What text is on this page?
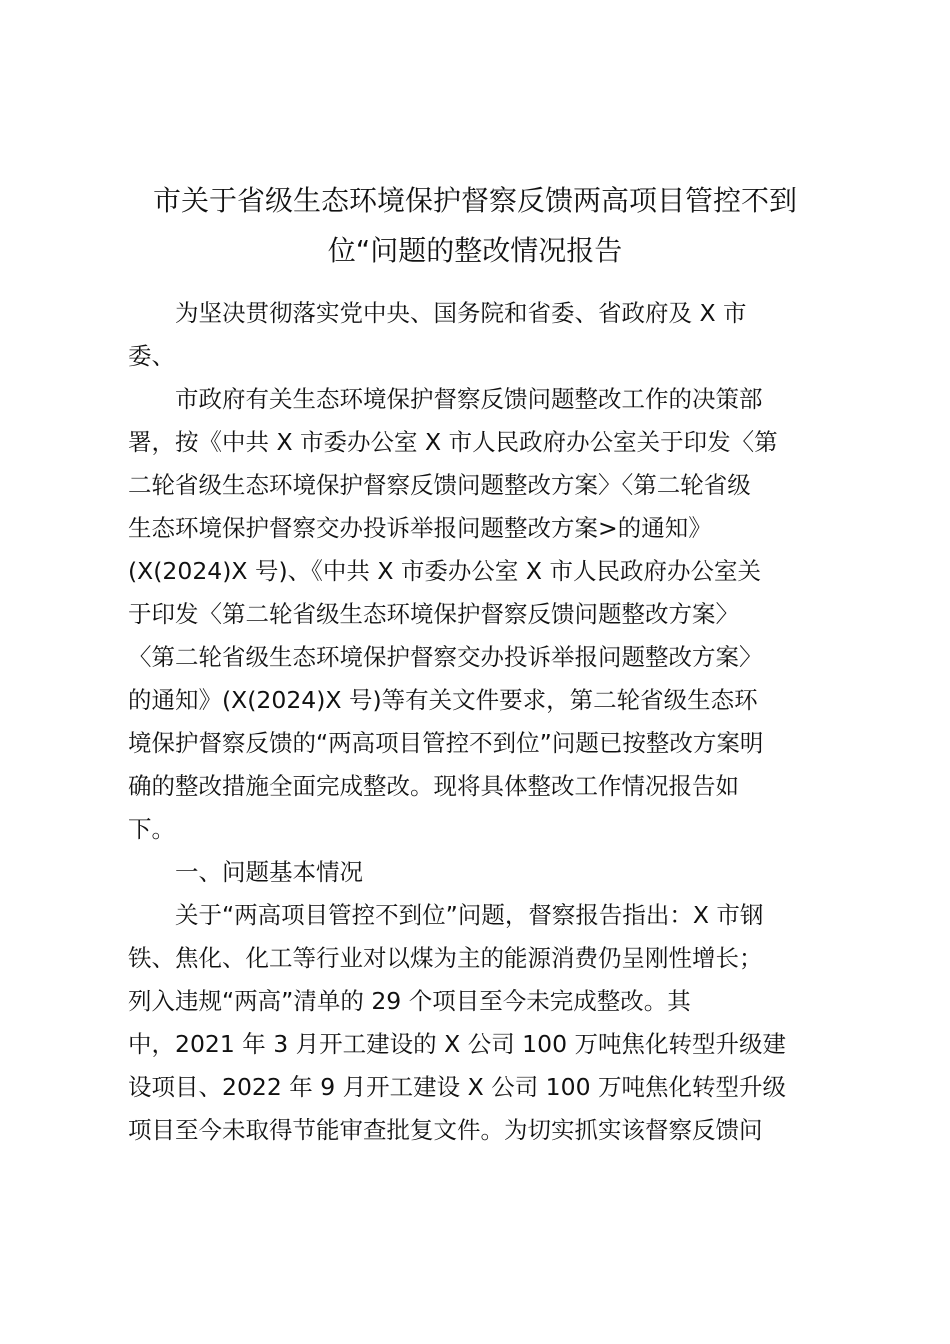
市关于省级生态环境保护督察反馈两高项目管控不到 位“问题的整改情况报告

为坚决贯彻落实党中央、国务院和省委、省政府及 X 市
委、

市政府有关生态环境保护督察反馈问题整改工作的决策部
署，按《中共 X 市委办公室 X 市人民政府办公室关于印发〈第
二轮省级生态环境保护督察反馈问题整改方案〉〈第二轮省级
生态环境保护督察交办投诉举报问题整改方案>的通知》
(X(2024)X 号)、《中共 X 市委办公室 X 市人民政府办公室关
于印发〈第二轮省级生态环境保护督察反馈问题整改方案〉
〈第二轮省级生态环境保护督察交办投诉举报问题整改方案〉
的通知》(X(2024)X 号)等有关文件要求，第二轮省级生态环
境保护督察反馈的“两高项目管控不到位”问题已按整改方案明
确的整改措施全面完成整改。现将具体整改工作情况报告如
下。

一、问题基本情况

关于“两高项目管控不到位”问题，督察报告指出：X 市钢
铁、焦化、化工等行业对以煤为主的能源消费仍呈刚性增长；
列入违规“两高”清单的 29 个项目至今未完成整改。其
中，2021 年 3 月开工建设的 X 公司 100 万吨焦化转型升级建
设项目、2022 年 9 月开工建设 X 公司 100 万吨焦化转型升级
项目至今未取得节能审查批复文件。为切实抓实该督察反馈问
